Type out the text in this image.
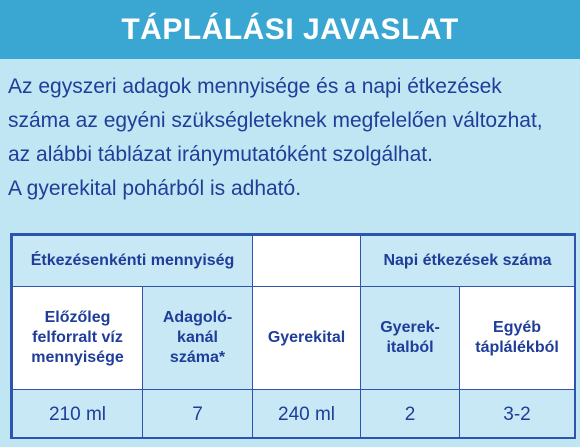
TÁPLÁLÁSI JAVASLAT

Az egyszeri adagok mennyisége és a napi étkezések

száma az egyéni szükségleteknek megfelelően változhat,

az alábbi táblázat iránymutatóként szolgálhat.

A gyerekital pohárból is adható.

Étkezésenkénti mennyiség			Napi étkezések száma	

Előzőleg
felforralt víz
mennyisége	Adagoló-
kanál
száma*	Gyerekital	Gyerek-
italból	Egyéb
táplálékból

210 ml	7	240 ml	2	3-2
